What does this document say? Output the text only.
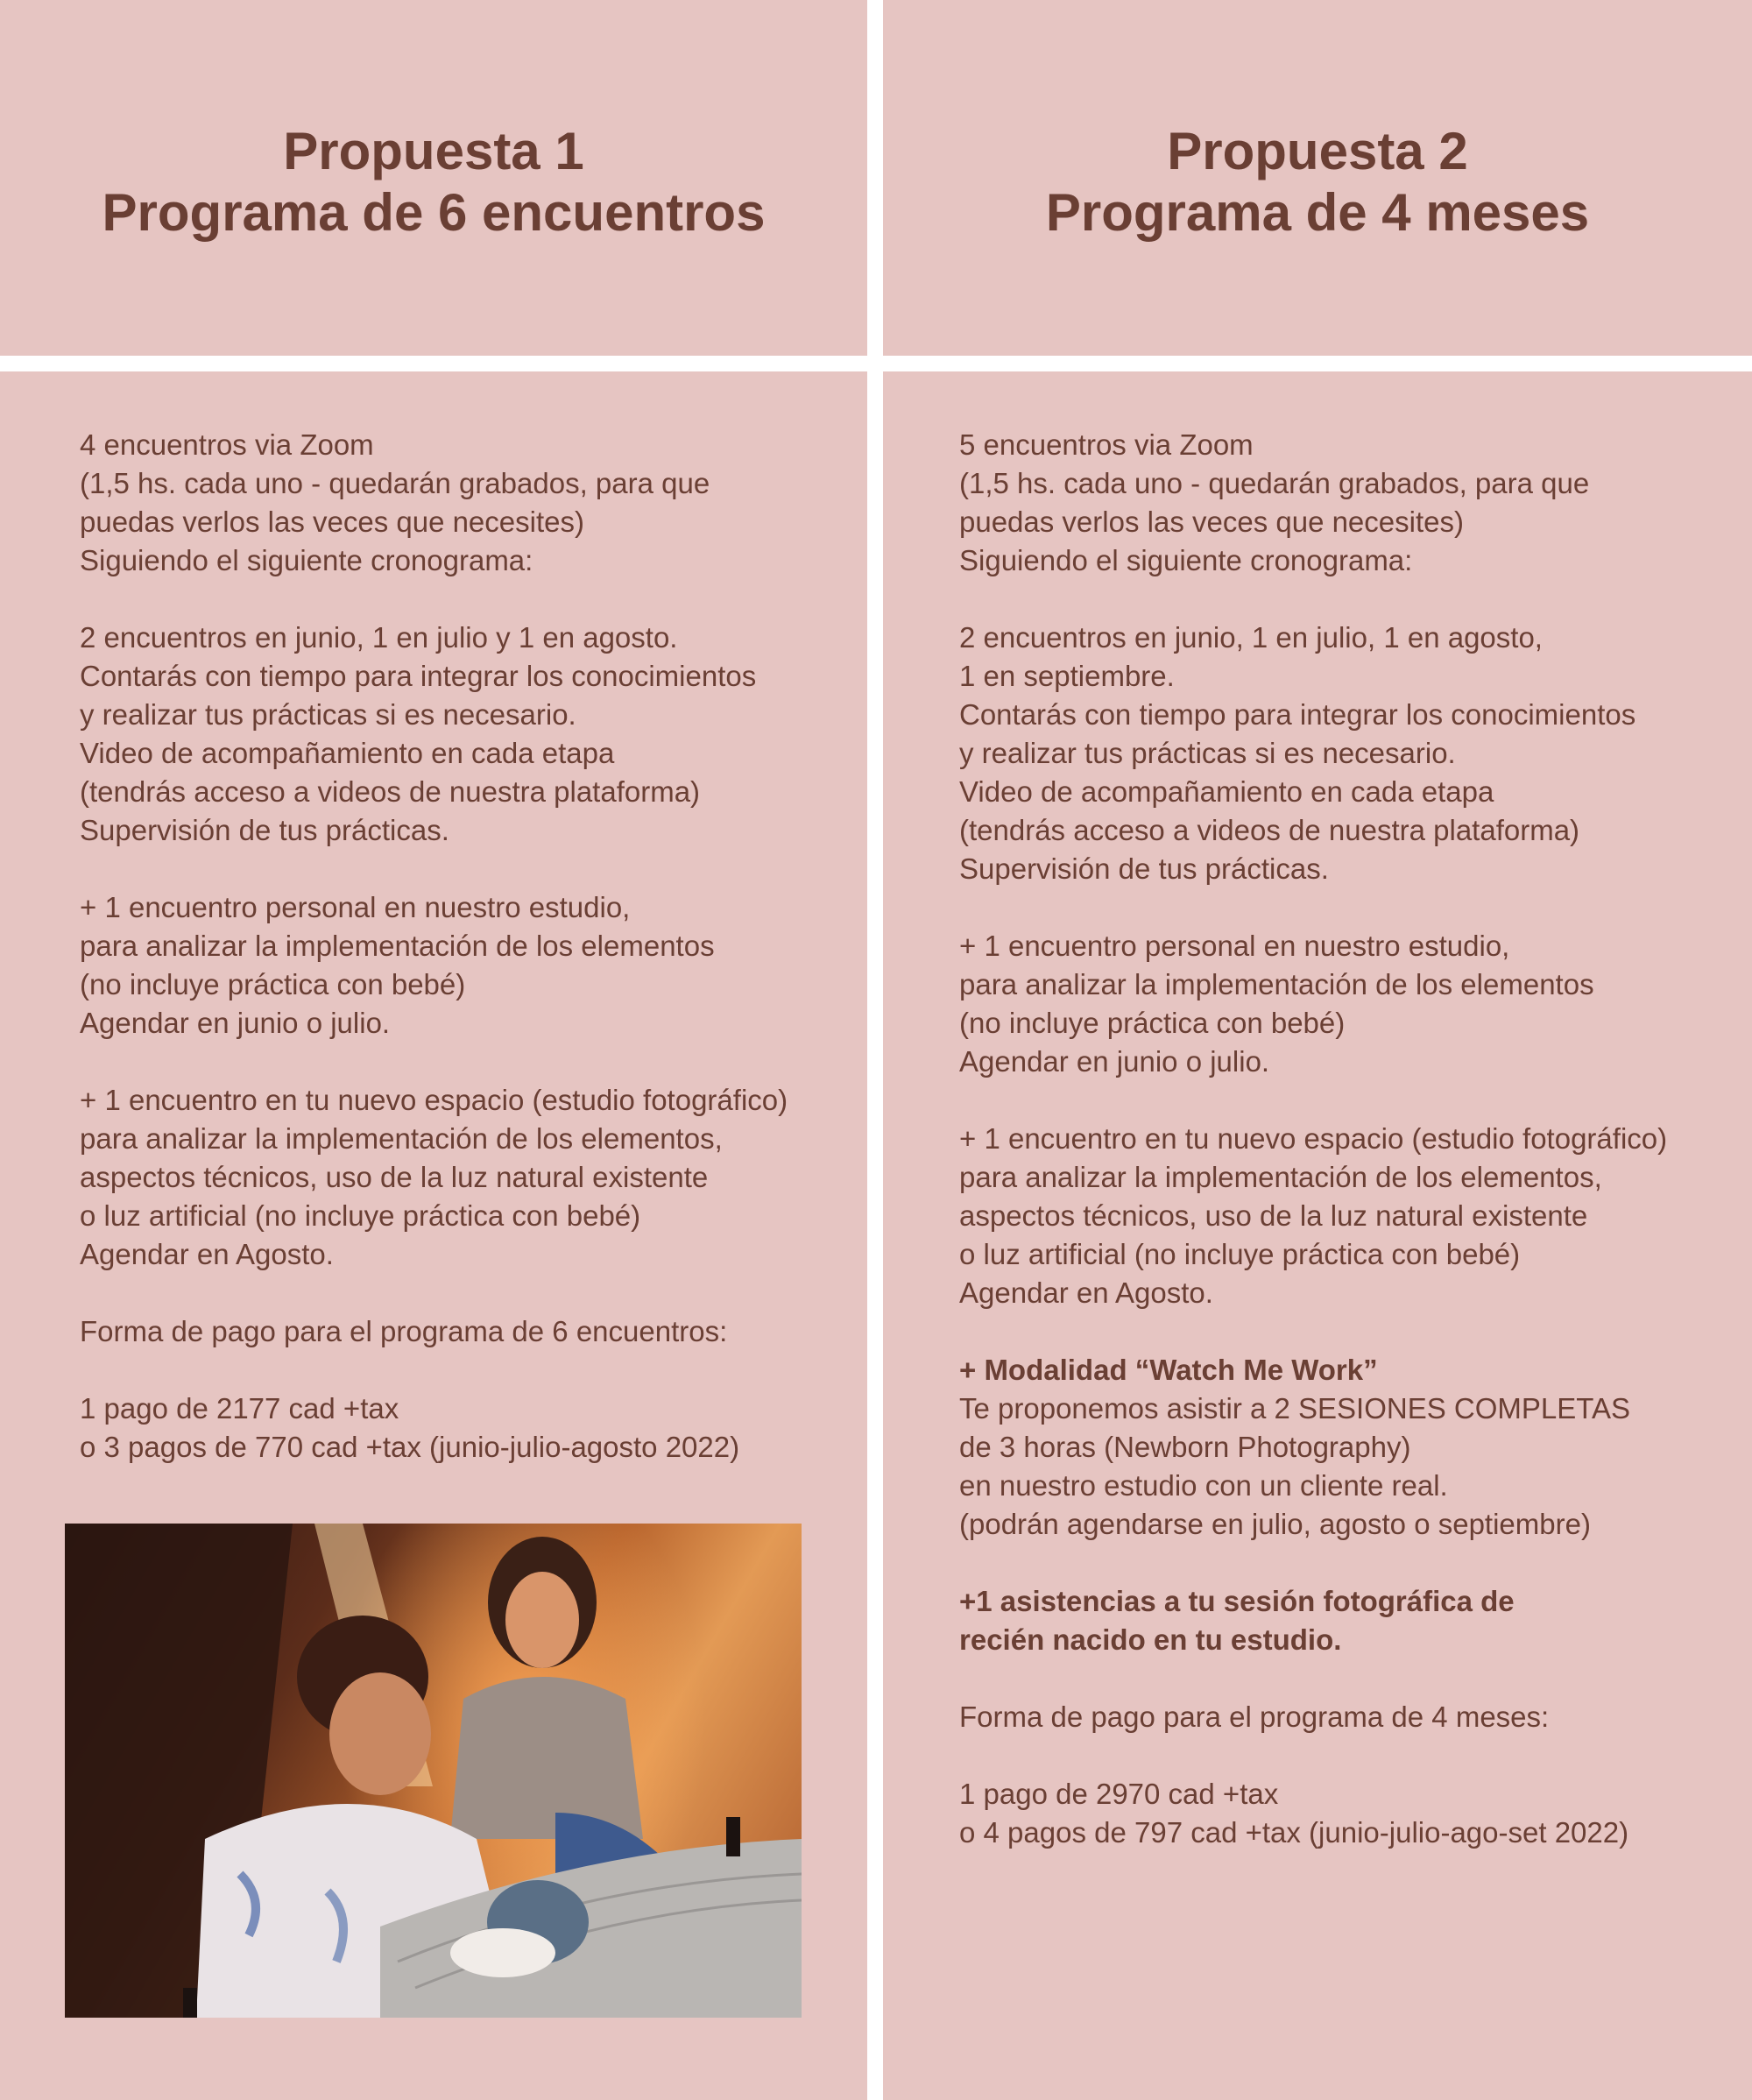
Propuesta 1
Programa de 6 encuentros
Propuesta 2
Programa de 4 meses

4 encuentros via Zoom

(1,5 hs. cada uno - quedarán grabados, para que

puedas verlos las veces que necesites)

Siguiendo el siguiente cronograma:

2 encuentros en junio, 1 en julio y 1 en agosto.

Contarás con tiempo para integrar los conocimientos

y realizar tus prácticas si es necesario.

Video de acompañamiento en cada etapa

(tendrás acceso a videos de nuestra plataforma)

Supervisión de tus prácticas.

+ 1 encuentro personal en nuestro estudio,

para analizar la implementación de los elementos

(no incluye práctica con bebé)

Agendar en junio o julio.

+ 1 encuentro en tu nuevo espacio (estudio fotográfico)

para analizar la implementación de los elementos,

aspectos técnicos, uso de la luz natural existente

o luz artificial (no incluye práctica con bebé)

Agendar en Agosto.

Forma de pago para el programa de 6 encuentros:

1 pago de 2177 cad +tax

o 3 pagos de 770 cad +tax (junio-julio-agosto 2022)

5 encuentros via Zoom

(1,5 hs. cada uno - quedarán grabados, para que

puedas verlos las veces que necesites)

Siguiendo el siguiente cronograma:

2 encuentros en junio, 1 en julio, 1 en agosto,

1 en septiembre.

Contarás con tiempo para integrar los conocimientos

y realizar tus prácticas si es necesario.

Video de acompañamiento en cada etapa

(tendrás acceso a videos de nuestra plataforma)

Supervisión de tus prácticas.

+ 1 encuentro personal en nuestro estudio,

para analizar la implementación de los elementos

(no incluye práctica con bebé)

Agendar en junio o julio.

+ 1 encuentro en tu nuevo espacio (estudio fotográfico)

para analizar la implementación de los elementos,

aspectos técnicos, uso de la luz natural existente

o luz artificial (no incluye práctica con bebé)

Agendar en Agosto.

+ Modalidad “Watch Me Work”

Te proponemos asistir a 2 SESIONES COMPLETAS

de 3 horas (Newborn Photography)

en nuestro estudio con un cliente real.

(podrán agendarse en julio, agosto o septiembre)

+1 asistencias a tu sesión fotográfica de

recién nacido en tu estudio.

Forma de pago para el programa de 4 meses:

1 pago de 2970 cad +tax

o 4 pagos de 797 cad +tax (junio-julio-ago-set 2022)
